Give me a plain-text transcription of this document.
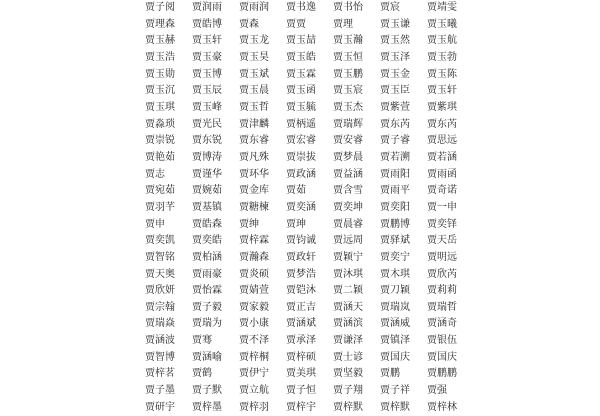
贾子阅	贾润雨	贾雨润	贾书逸	贾书怡	贾宸	贾靖雯
贾理森	贾皓博	贾森	贾贾	贾理	贾玉谦	贾玉曦
贾玉赫	贾玉轩	贾玉龙	贾玉喆	贾玉瀚	贾玉然	贾玉航
贾玉浩	贾玉豪	贾玉昊	贾玉皓	贾玉恒	贾玉泽	贾玉勃
贾玉勋	贾玉博	贾玉斌	贾玉霖	贾玉鹏	贾玉金	贾玉陈
贾玉沉	贾玉辰	贾玉晨	贾玉函	贾玉宸	贾玉臣	贾玉轩
贾玉琪	贾玉峰	贾玉哲	贾玉毓	贾玉杰	贾紫萱	贾紫琪
贾淼琐	贾光民	贾津麟	贾柄遥	贾瑞辉	贾东芮	贾东芮
贾崇锐	贾东锐	贾东睿	贾宏睿	贾安睿	贾子睿	贾思远
贾艳茹	贾博涛	贾凡殊	贾崇拔	贾梦晨	贾若溯	贾若涵
贾志	贾谨华	贾环华	贾政涵	贾益涵	贾雨阳	贾雨函
贾宛茹	贾婉茹	贾金库	贾茹	贾含雪	贾雨平	贾奇诺
贾羽芊	贾基镇	贾糖楝	贾奕涵	贾奕坤	贾奕阳	贾一申
贾申	贾皓森	贾绅	贾珅	贾晨睿	贾鹏博	贾奕铎
贾奕凯	贾奕皓	贾梓霖	贾钧诚	贾远周	贾驿斌	贾天岳
贾智铭	贾柏涵	贾瀚森	贾政轩	贾颖宁	贾奕宁	贾明远
贾天奥	贾雨豪	贾炎硕	贾梦浩	贾沐琪	贾木琪	贾欣芮
贾欣妍	贾怡霖	贾婧萱	贾铠沐	贾二颖	贾刀颖	贾莉莉
贾宗翰	贾子毅	贾家毅	贾正吉	贾涵天	贾瑞岚	贾瑞哲
贾瑞焱	贾瑞为	贾小康	贾涵斌	贾涵滨	贾涵威	贾涵奇
贾涵波	贾骞	贾不泽	贾承泽	贾谦泽	贾镇泽	贾银伍
贾智博	贾涵喻	贾梓桐	贾梓硕	贾士谚	贾国庆	贾国庆
贾梓茗	贾鹤	贾伊宁	贾美琪	贾坚毅	贾鹏	贾鹏鹏
贾子墨	贾子默	贾立航	贾子恒	贾子翔	贾子祥	贾强
贾研宇	贾梓墨	贾梓羽	贾梓宇	贾梓默	贾梓默	贾梓林
